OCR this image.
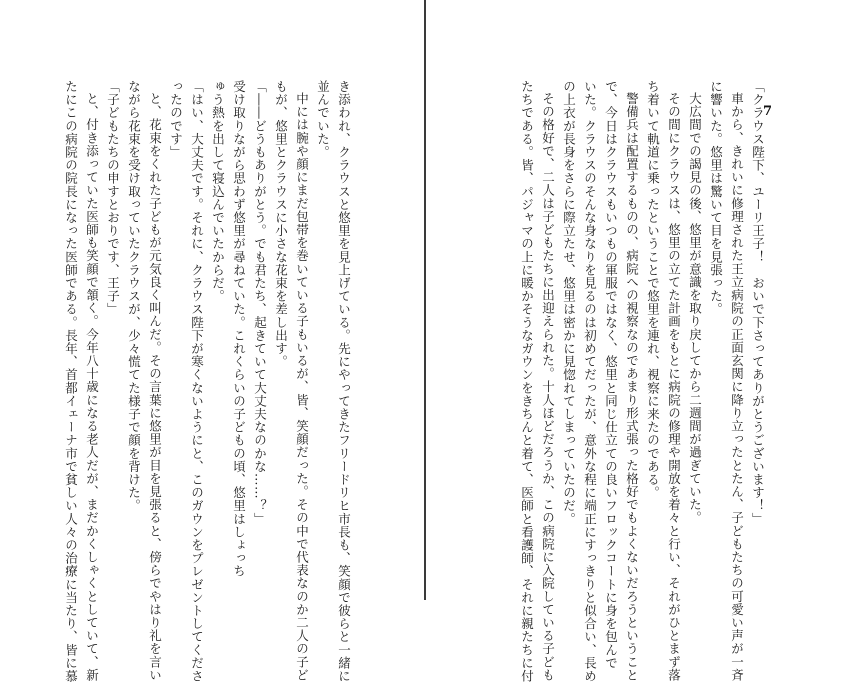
7
「クラウス陛下、ユーリ王子！　おいで下さってありがとうございます！」
車から、きれいに修理された王立病院の正面玄関に降り立ったとたん、子どもたちの可愛い声が一斉
に響いた。悠里は驚いて目を見張った。
大広間での謁見の後、悠里が意識を取り戻してから二週間が過ぎていた。
その間にクラウスは、悠里の立てた計画をもとに病院の修理や開放を着々と行い、それがひとまず落
ち着いて軌道に乗ったということで悠里を連れ、視察に来たのである。
警備兵は配置するものの、病院への視察なのであまり形式張った格好でもよくないだろうということ
で、今日はクラウスもいつもの軍服ではなく、悠里と同じ仕立ての良いフロックコートに身を包んで
いた。クラウスのそんな身なりを見るのは初めてだったが、意外な程に端正にすっきりと似合い、長め
の上衣が長身をさらに際立たせ、悠里は密かに見惚れてしまっていたのだ。
その格好で、二人は子どもたちに出迎えられた。十人ほどだろうか、この病院に入院している子ども
たちである。皆、パジャマの上に暖かそうなガウンをきちんと着て、医師と看護師、それに親たちに付
き添われ、クラウスと悠里を見上げている。先にやってきたフリードリヒ市長も、笑顔で彼らと一緒に
並んでいた。
中には腕や顔にまだ包帯を巻いている子もいるが、皆、笑顔だった。その中で代表なのか二人の子ど
もが、悠里とクラウスに小さな花束を差し出す。
「――どうもありがとう。でも君たち、起きていて大丈夫なのかな……？」
受け取りながら思わず悠里が尋ねていた。これくらいの子どもの頃、悠里はしょっち
ゅう熱を出して寝込んでいたからだ。
「はい、大丈夫です。それに、クラウス陛下が寒くないようにと、このガウンをプレゼントしてくださ
ったのです」
と、花束をくれた子どもが元気良く叫んだ。その言葉に悠里が目を見張ると、傍らでやはり礼を言い
ながら花束を受け取っていたクラウスが、少々慌てた様子で顔を背けた。
「子どもたちの申すとおりです、王子」
と、付き添っていた医師も笑顔で頷く。今年八十歳になる老人だが、まだかくしゃくとしていて、新
たにこの病院の院長になった医師である。長年、首都イェーナ市で貧しい人々の治療に当たり、皆に慕
